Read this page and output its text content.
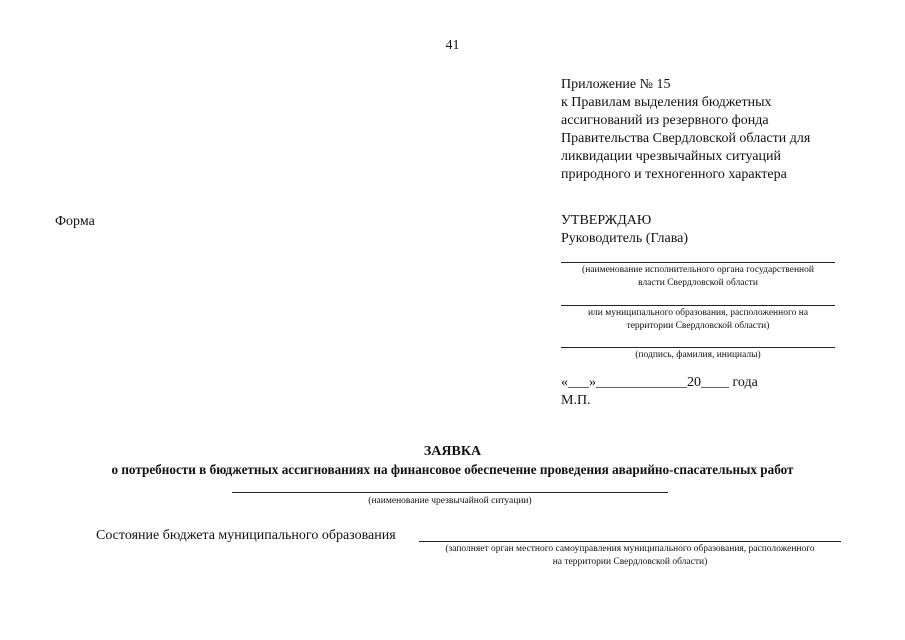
41
Приложение № 15
к Правилам выделения бюджетных
ассигнований из резервного фонда
Правительства Свердловской области для
ликвидации чрезвычайных ситуаций
природного и техногенного характера
Форма	УТВЕРЖДАЮ
Руководитель (Глава)
(наименование исполнительного органа государственной
власти Свердловской области
или муниципального образования, расположенного на
территории Свердловской области)
(подпись, фамилия, инициалы)
«___»_____________20____ года
М.П.
ЗАЯВКА
о потребности в бюджетных ассигнованиях на финансовое обеспечение проведения аварийно-спасательных работ
(наименование чрезвычайной ситуации)
Состояние бюджета муниципального образования
(заполняет орган местного самоуправления муниципального образования, расположенного
на территории Свердловской области)
